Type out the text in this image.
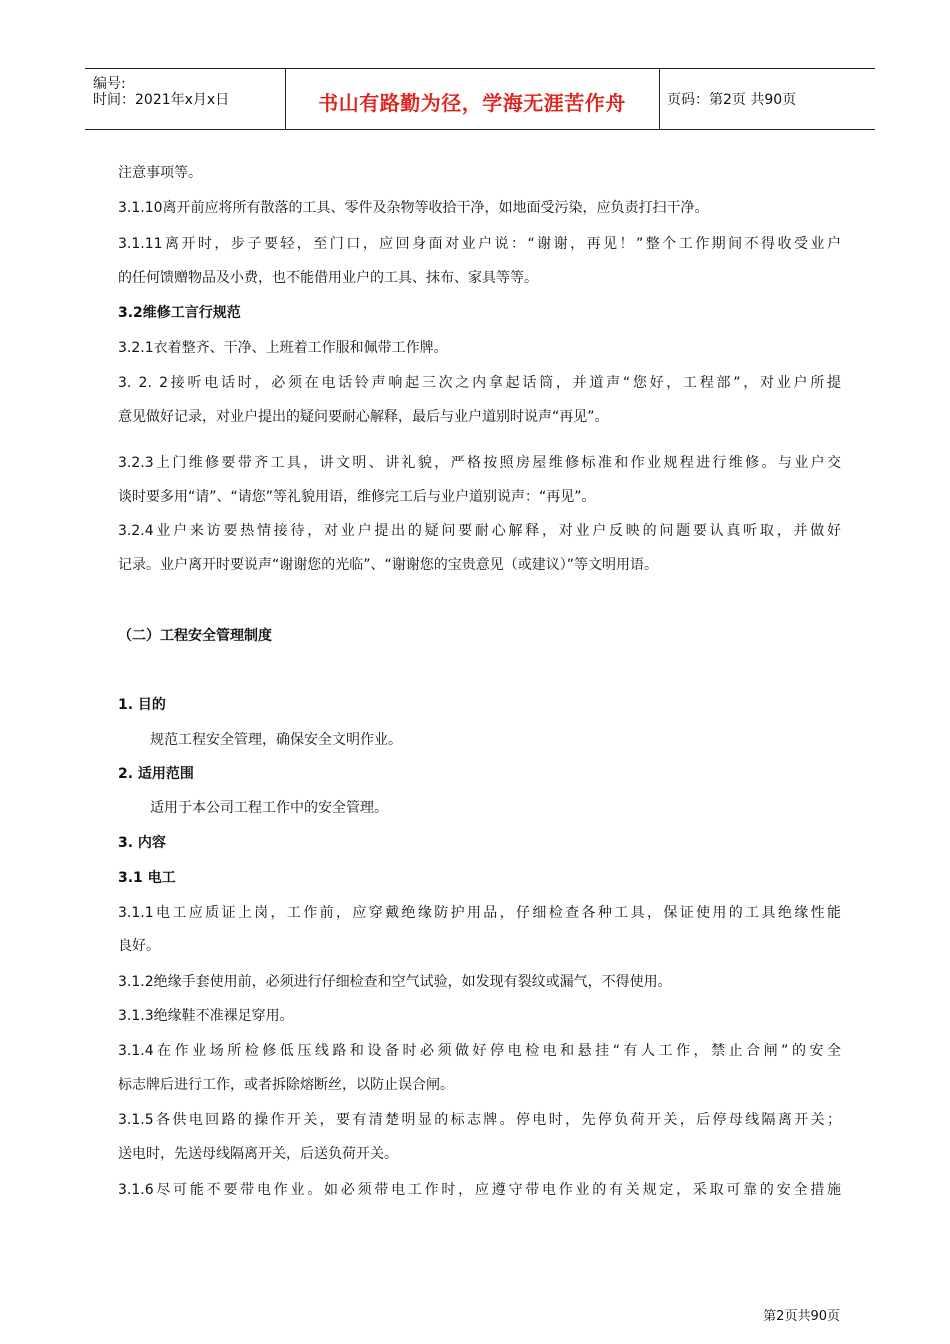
编号:
时间：2021年x月x日	书山有路勤为径，学海无涯苦作舟	页码：第2页 共90页
注意事项等。
3.1.10离开前应将所有散落的工具、零件及杂物等收拾干净，如地面受污染，应负责打扫干净。
3.1.11离开时，步子要轻，至门口，应回身面对业户说：“谢谢，再见！”整个工作期间不得收受业户
的任何馈赠物品及小费，也不能借用业户的工具、抹布、家具等等。
3.2维修工言行规范
3.2.1衣着整齐、干净、上班着工作服和佩带工作牌。
3. 2. 2接听电话时，必须在电话铃声响起三次之内拿起话筒，并道声“您好，工程部”，对业户所提
意见做好记录，对业户提出的疑问要耐心解释，最后与业户道别时说声“再见”。
3.2.3上门维修要带齐工具，讲文明、讲礼貌，严格按照房屋维修标准和作业规程进行维修。与业户交
谈时要多用“请”、“请您”等礼貌用语，维修完工后与业户道别说声：“再见”。
3.2.4业户来访要热情接待，对业户提出的疑问要耐心解释，对业户反映的问题要认真听取，并做好
记录。业户离开时要说声“谢谢您的光临”、“谢谢您的宝贵意见（或建议）”等文明用语。
（二）工程安全管理制度
1. 目的
规范工程安全管理，确保安全文明作业。
2. 适用范围
适用于本公司工程工作中的安全管理。
3. 内容
3.1 电工
3.1.1电工应质证上岗，工作前，应穿戴绝缘防护用品，仔细检查各种工具，保证使用的工具绝缘性能
良好。
3.1.2绝缘手套使用前，必须进行仔细检查和空气试验，如发现有裂纹或漏气，不得使用。
3.1.3绝缘鞋不准裸足穿用。
3.1.4在作业场所检修低压线路和设备时必须做好停电检电和悬挂“有人工作，禁止合闸”的安全
标志牌后进行工作，或者拆除熔断丝，以防止误合闸。
3.1.5各供电回路的操作开关，要有清楚明显的标志牌。停电时，先停负荷开关，后停母线隔离开关；
送电时，先送母线隔离开关，后送负荷开关。
3.1.6尽可能不要带电作业。如必须带电工作时，应遵守带电作业的有关规定，采取可靠的安全措施
第2页共90页
